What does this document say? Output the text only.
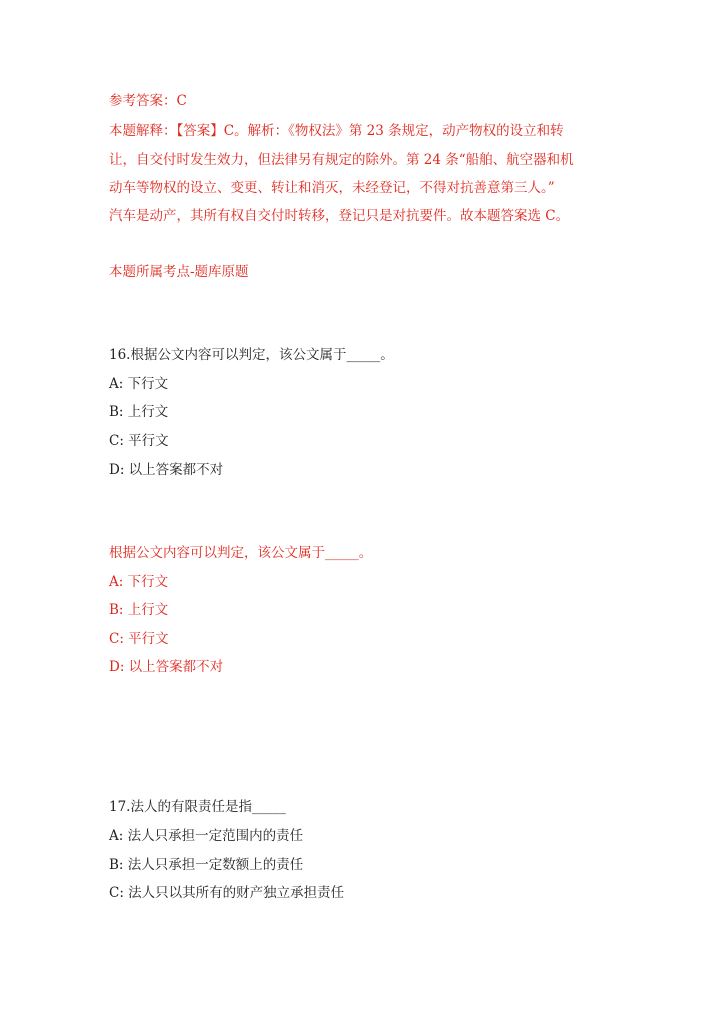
参考答案：C
本题解释：【答案】C。解析：《物权法》第 23 条规定，动产物权的设立和转
让，自交付时发生效力，但法律另有规定的除外。第 24 条“船舶、航空器和机
动车等物权的设立、变更、转让和消灭，未经登记，不得对抗善意第三人。”
汽车是动产，其所有权自交付时转移，登记只是对抗要件。故本题答案选 C。
本题所属考点-题库原题
16.根据公文内容可以判定，该公文属于_____。
A: 下行文
B: 上行文
C: 平行文
D: 以上答案都不对
根据公文内容可以判定，该公文属于_____。
A: 下行文
B: 上行文
C: 平行文
D: 以上答案都不对
17.法人的有限责任是指_____
A: 法人只承担一定范围内的责任
B: 法人只承担一定数额上的责任
C: 法人只以其所有的财产独立承担责任
